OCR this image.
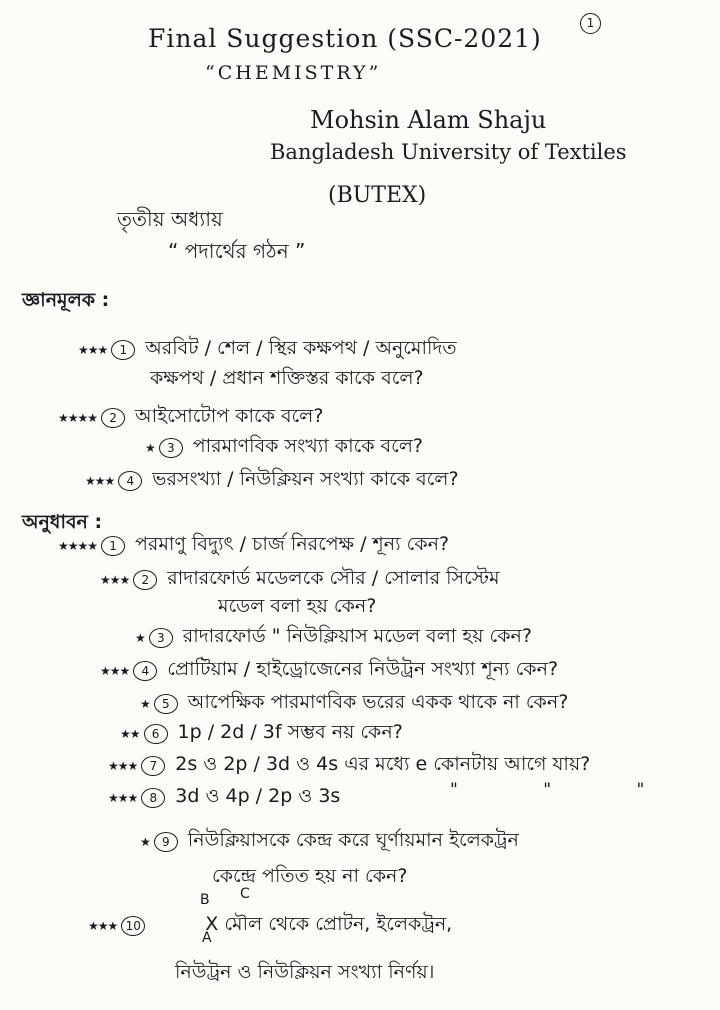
1
Final Suggestion (SSC-2021)
“CHEMISTRY”
Mohsin Alam Shaju
Bangladesh University of Textiles
(BUTEX)
তৃতীয় অধ্যায়
“ পদার্থের গঠন ”
জ্ঞানমূলক :
★★★	1 অরবিট / শেল / স্থির কক্ষপথ / অনুমোদিত
কক্ষপথ / প্রধান শক্তিস্তর কাকে বলে?
★★★★	2 আইসোটোপ কাকে বলে?
★	3 পারমাণবিক সংখ্যা কাকে বলে?
★★★	4 ভরসংখ্যা / নিউক্লিয়ন সংখ্যা কাকে বলে?
অনুধাবন :
★★★★	1 পরমাণু বিদ্যুৎ / চার্জ নিরপেক্ষ / শূন্য কেন?
★★★	2 রাদারফোর্ড মডেলকে সৌর / সোলার সিস্টেম
মডেল বলা হয় কেন?
★	3 রাদারফোর্ড " নিউক্লিয়াস মডেল বলা হয় কেন?
★★★	4 প্রোটিয়াম / হাইড্রোজেনের নিউট্রন সংখ্যা শূন্য কেন?
★	5 আপেক্ষিক পারমাণবিক ভরের একক থাকে না কেন?
★★	6 1p / 2d / 3f সম্ভব নয় কেন?
★★★	7 2s ও 2p / 3d ও 4s এর মধ্যে e কোনটায় আগে যায়?
★★★	8 3d ও 4p / 2p ও 3s	" " "
★	9 নিউক্লিয়াসকে কেন্দ্র করে ঘূর্ণায়মান ইলেকট্রন
কেন্দ্রে পতিত হয় না কেন?
★★★ 10	X মৌল থেকে প্রোটন, ইলেকট্রন,
B C
A
নিউট্রন ও নিউক্লিয়ন সংখ্যা নির্ণয়।
